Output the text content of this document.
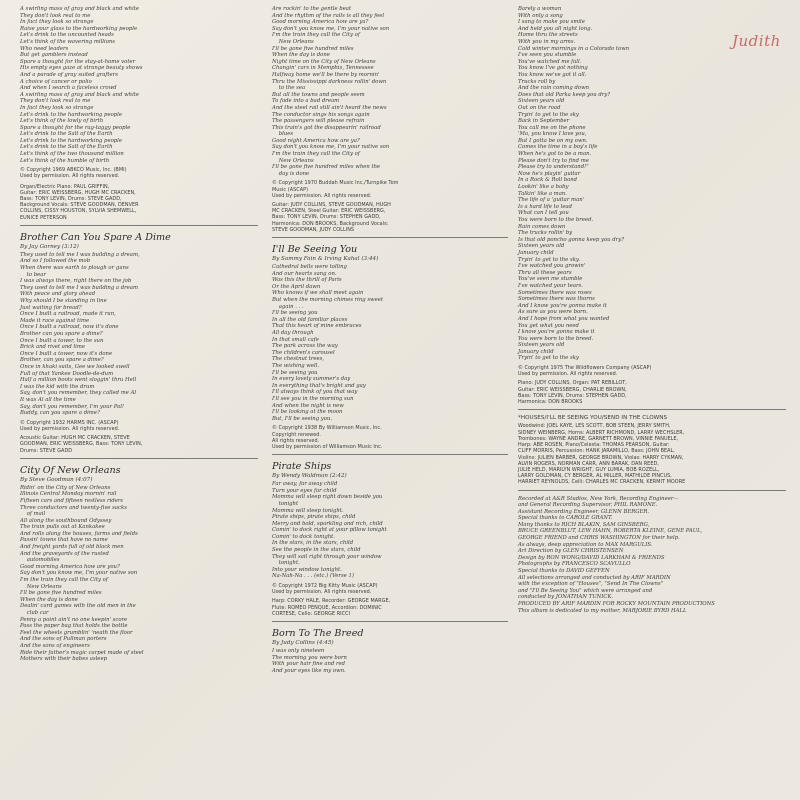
Judith
A swirling mass of gray and black and white
They don't look real to me
In fact they look so strange
Raise your glass to the hardworking people
Let's drink to the uncounted heads
Let's think of the wavering millions
Who need leaders
But get gamblers instead
Spare a thought for the stay-at-home voter
His empty eyes gaze at strange beauty shows
And a parade of gray suited grafters
A choice of cancer or polio
And when I search a faceless crowd
A swirling mass of gray and black and white
They don't look real to me
In fact they look so strange
Let's drink to the hardworking people
Let's think of the lowly of birth
Spare a thought for the rag-taggy people
Let's drink to the Salt of the Earth
Let's drink to the hardworking people
Let's drink to the Salt of the Earth
Let's think of the two thousand million
Let's think of the humble of birth
© Copyright 1969 ABKCO Music, Inc. (BMI)
Used by permission. All rights reserved.
Organ/Electric Piano: PAUL GRIFFIN,
Guitar: ERIC WEISSBERG, HUGH MC CRACKEN,
Bass: TONY LEVIN, Drums: STEVE GADD,
Background Vocals: STEVE GOODMAN, DENVER
COLLINS, CISSY HOUSTON, SYLVIA SHEMWELL,
EUNICE PETERSON
Brother Can You Spare A Dime
By Jay Gorney (3:12)
They used to tell me I was building a dream,
And so I followed the mob
When there was earth to plough or guns
to bear
I was always there, right there on the job
They used to tell me I was building a dream
With peace and glory ahead
Why should I be standing in line
Just waiting for bread?
Once I built a railroad, made it run,
Made it race against time
Once I built a railroad, now it's done
Brother can you spare a dime?
Once I built a tower, to the sun
Brick and rivet and lime
Once I built a tower, now it's done
Brother, can you spare a dime?
Once in khaki suits, Gee we looked swell
Full of that Yankee Doodle-de-dum
Half a million boots went sloggin' thru Hell
I was the kid with the drum
Say, don't you remember, they called me Al
It was Al all the time
Say, don't you remember, I'm your Pal!
Buddy, can you spare a dime?
© Copyright 1932 HARMS INC. (ASCAP)
Used by permission. All rights reserved.
Acoustic Guitar: HUGH MC CRACKEN, STEVE
GOODMAN, ERIC WEISSBERG, Bass: TONY LEVIN,
Drums: STEVE GADD
City Of New Orleans
By Steve Goodman (4:07)
Ridin' on the City of New Orleans
Illinois Central Monday mornin' rail
Fifteen cars and fifteen restless riders
Three conductors and twenty-five sacks
of mail
All along the southbound Odyssey
The train pulls out at Kankakee
And rolls along the houses, farms and fields
Passin' towns that have no name
And freight yards full of old black men
And the graveyards of the rusted
automobiles
Good morning America how are you?
Say don't you know me, I'm your native son
I'm the train they call the City of
New Orleans
I'll be gone five hundred miles
When the day is done
Dealin' card games with the old men in the
club car
Penny a point ain't no one keepin' score
Pass the paper bag that holds the bottle
Feel the wheels grumblin' 'neath the floor
And the sons of Pullman porters
And the sons of engineers
Ride their father's magic carpet made of steel
Mothers with their babes asleep
Are rockin' to the gentle beat
And the rhythm of the rails is all they feel
Good morning America how are ya?
Say don't you know me, I'm your native son
I'm the train they call the City of
New Orleans
I'll be gone five hundred miles
When the day is done
Night time on the City of New Orleans
Changin' cars in Memphis, Tennessee
Halfway home we'll be there by mornin'
Thru the Mississippi darkness rollin' down
to the sea
But all the towns and people seem
To fade into a bad dream
And the steel rail still ain't heard the news
The conductor sings his songs again
The passengers will please refrain
This train's got the disappearin' railroad
blues
Good night America how are ya?
Say don't you know me, I'm your native son
I'm the train they call the City of
New Orleans
I'll be gone five hundred miles when the
day is done
© Copyright 1970 Buddah Music Inc./Turnpike Tom
Music (ASCAP)
Used by permission. All rights reserved.
Guitar: JUDY COLLINS, STEVE GOODMAN, HUGH
MC CRACKEN, Steel Guitar: ERIC WEISSBERG,
Bass: TONY LEVIN, Drums: STEPHEN GADD,
Harmonica: DON BROOKS, Background Vocals:
STEVE GOODMAN, JUDY COLLINS
I'll Be Seeing You
By Sammy Fain & Irving Kahal (3:44)
Cathedral bells were tolling
And our hearts sang on.
Was this the thrill of Paris
Or the April dawn
Who knows if we shall meet again
But when the morning chimes ring sweet
again . . .
I'll be seeing you
In all the old familiar places
That this heart of mine embraces
All day through
In that small cafe
The park across the way
The children's carousel
The chestnut trees,
The wishing well.
I'll be seeing you
In every lovely summer's day
In everything that's bright and gay
I'll always think of you that way
I'll see you in the morning sun
And when the night is new
I'll be looking at the moon
But, I'll be seeing you.
© Copyright 1938 By Williamson Music, Inc.
Copyright renewed.
All rights reserved.
Used by permission of Williamson Music Inc.
Pirate Ships
By Wendy Waldman (2:42)
Far away, far away child
Turn your eyes far child
Momma will sleep right down beside you
tonight
Momma will sleep tonight.
Pirate ships, pirate ships, child
Merry and bold, sparkling and rich, child
Comin' to dock right at your pillow tonight
Comin' to dock tonight.
In the stars, in the stars, child
See the people in the stars, child
They will sail right through your window
tonight.
Into your window tonight.
Na-Nah-Na . . . (etc.) (Verse 1)
© Copyright 1972 Big Kitty Music (ASCAP)
Used by permission. All rights reserved.
Harp: CORKY HALE, Recorder: GEORGE MARGE,
Flute: ROMEO PENQUE, Accordion: DOMINIC
CORTESE, Cello: GEORGE RICCI
Born To The Breed
By Judy Collins (4:45)
I was only nineteen
The morning you were born
With your hair fine and red
And your eyes like my own.
Barely a woman
With only a song
I sang to make you smile
And held you all night long.
Home thru the streets
With you in my arms.
Cold winter mornings in a Colorado town
I've seen you stumble
You've watched me fall.
You know I've got nothing
You know we've got it all.
Trucks roll by
And the rain coming down
Does that old Parka keep you dry?
Sixteen years old
Out on the road
Tryin' to get to the sky
Back in September
You call me on the phone
'Ma, you know I love you,
But I gotta be on my own.
Comes the time in a boy's life
When he's got to be a man.
Please don't try to find me
Please try to understand!"
Now he's playin' guitar
In a Rock & Roll band
Lookin' like a baby
Talkin' like a man.
The life of a 'guitar man'
Is a hard life to lead
What can I tell you
You were born to the breed.
Rain comes down
The trucks rollin' by
Is that old poncho gonna keep you dry?
Sixteen years old
January child
Tryin' to get to the sky.
I've watched you growin'
Thru all these years
You've seen me stumble
I've watched your tears.
Sometimes there was roses
Sometimes there was thorns
And I know you're gonna make it
As sure as you were born.
And I hope from what you wanted
You get what you need
I know you're gonna make it
You were born to the breed.
Sixteen years old
January child
Tryin' to get to the sky
© Copyright 1975 The Wildflowers Company (ASCAP)
Used by permission. All rights reserved.
Piano: JUDY COLLINS, Organ: PAT REBILLOT,
Guitar: ERIC WEISSBERG, CHARLIE BROWN,
Bass: TONY LEVIN, Drums: STEPHEN GADD,
Harmonica: DON BROOKS
*HOUSES/I'LL BE SEEING YOU/SEND IN THE CLOWNS
Woodwind: JOEL KAYE, LES SCOTT, BOB STEEN, JERRY SMITH,
SIDNEY WEINBERG, Horns: ALBERT RICHMOND, LARRY WECHSLER,
Trombones: WAYNE ANDRE, GARNETT BROWN, VINNIE FANUELE,
Harp: ABE ROSEN, Piano/Celesta: THOMAS PEARSON, Guitar:
CLIFF MORRIS, Percussion: HANK JARAMILLO, Bass: JOHN BEAL,
Violins: JULIEN BARBER, GEORGE BROWN, Violas: HARRY CYKMAN,
ALVIN ROGERS, NORMAN CARR, ANN BARAK, DAN REED,
JULIE HELD, MARILYN WRIGHT, GUY LUMIA, BOB ROZELL,
LARRY GOLDMAN, CY BERGER, AL MILLER, MATHILDE PINCUS,
HARRIET REYNOLDS, Celli: CHARLES MC CRACKEN, KERMIT MOORE
Recorded at A&R Studios, New York, Recording Engineer—
and General Recording Supervisor, PHIL RAMONE.
Assistant Recording Engineer, GLENN BERGER.
Special thanks to CAROLE GRANT.
Many thanks to RICH BLAKIN, SAM GINSBERG,
BRUCE GREENBLUT, LEW HAHN, ROBERTA KLEINE, GENE PAUL,
GEORGE FRIEND and CHRIS WASHINGTON for their help.
As always, deep appreciation to MAX MARGULIS.
Art Direction by GLEN CHRISTENSEN
Design by RON WONG/DAVID LARKHAM & FRIENDS
Photographs by FRANCESCO SCAVULLO
Special thanks to DAVID GEFFEN
All selections arranged and conducted by ARIF MARDIN
with the exception of "Houses", "Send In The Clowns"
and "I'll Be Seeing You" which were arranged and
conducted by JONATHAN TUNICK.
PRODUCED BY ARIF MARDIN FOR ROCKY MOUNTAIN PRODUCTIONS
This album is dedicated to my mother, MARJORIE BYRD HALL
